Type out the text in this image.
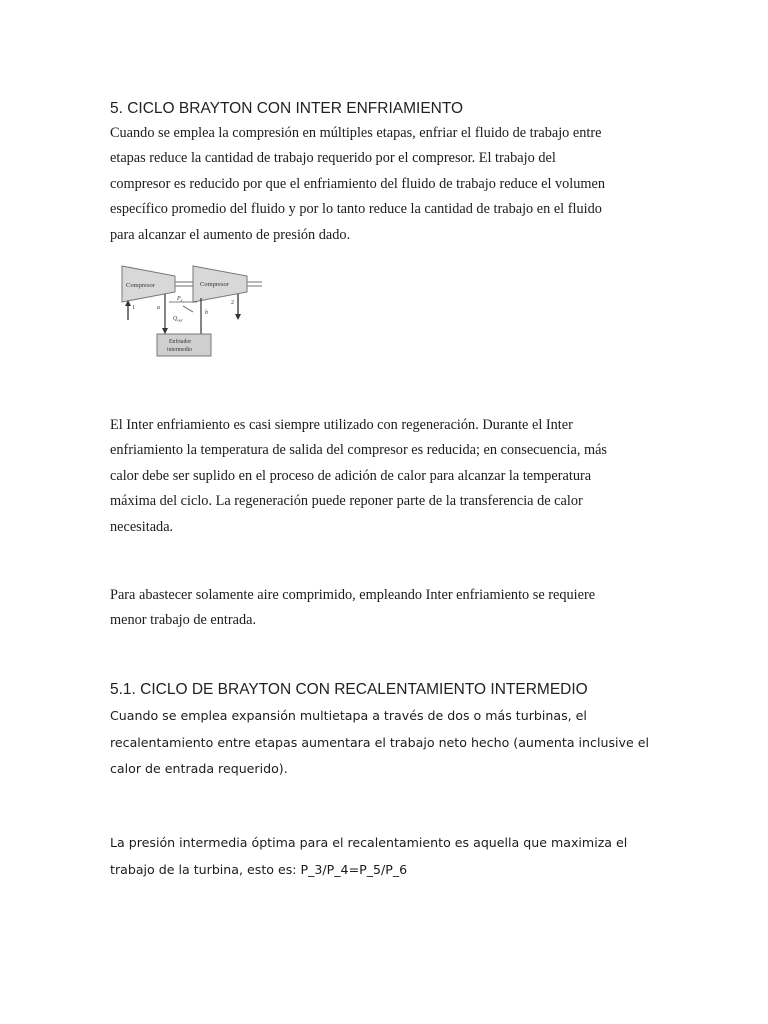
5. CICLO BRAYTON CON INTER ENFRIAMIENTO
Cuando se emplea la compresión en múltiples etapas, enfriar el fluido de trabajo entre
etapas reduce la cantidad de trabajo requerido por el compresor. El trabajo del
compresor es reducido por que el enfriamiento del fluido de trabajo reduce el volumen
específico promedio del fluido y por lo tanto reduce la cantidad de trabajo en el fluido
para alcanzar el aumento de presión dado.
Compresor	Compresor
1
2
a
b
$P_x$
$Q_{out}$
Enfriador
intermedio
El Inter enfriamiento es casi siempre utilizado con regeneración. Durante el Inter
enfriamiento la temperatura de salida del compresor es reducida; en consecuencia, más
calor debe ser suplido en el proceso de adición de calor para alcanzar la temperatura
máxima del ciclo. La regeneración puede reponer parte de la transferencia de calor
necesitada.
Para abastecer solamente aire comprimido, empleando Inter enfriamiento se requiere
menor trabajo de entrada.
5.1. CICLO DE BRAYTON CON RECALENTAMIENTO INTERMEDIO
Cuando se emplea expansión multietapa a través de dos o más turbinas, el
recalentamiento entre etapas aumentara el trabajo neto hecho (aumenta inclusive el
calor de entrada requerido).
La presión intermedia óptima para el recalentamiento es aquella que maximiza el
trabajo de la turbina, esto es: P_3/P_4=P_5/P_6
